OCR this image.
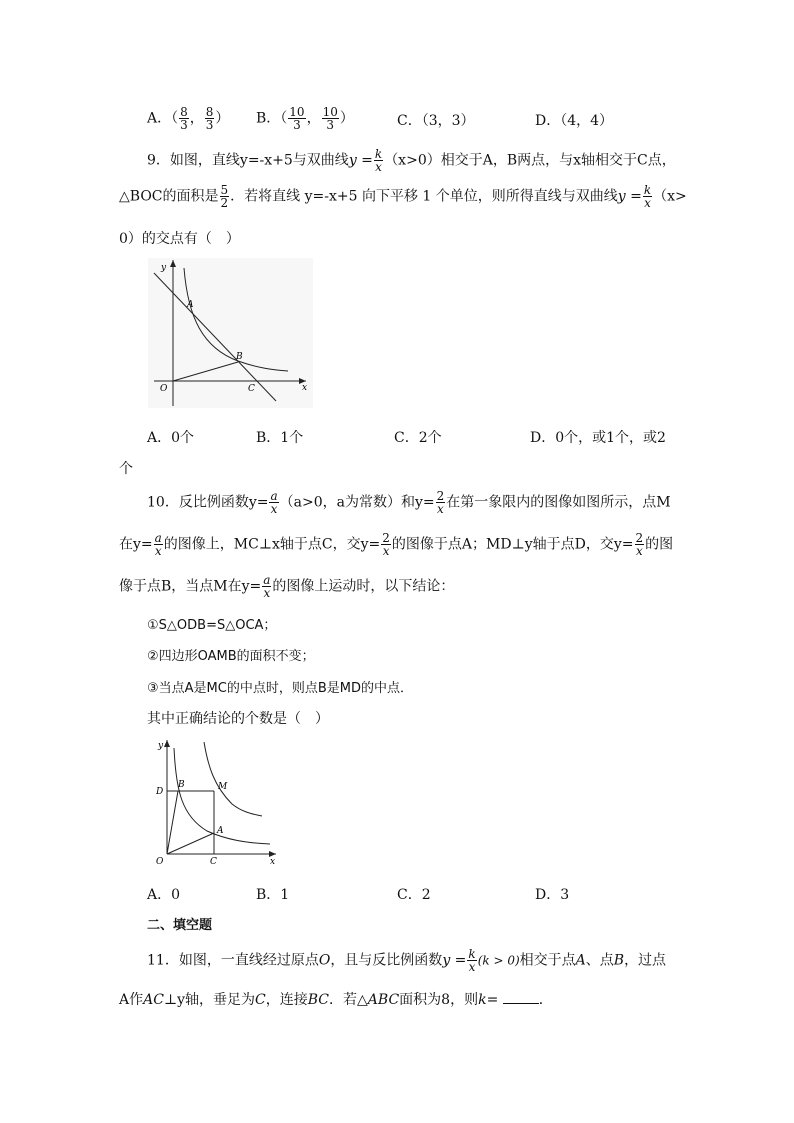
A．（ $\frac{8}{3}$ ， $\frac{8}{3}$ ） B．（ $\frac{10}{3}$ ， $\frac{10}{3}$ ）	C．（3，3）	D．（4，4）
9．如图，直线y=-x+5与双曲线$y = \frac{k}{x} (x>0)$相交于A，B两点，与x轴相交于C点，
△BOC的面积是 $\frac{5}{2}$ ．若将直线 y=-x+5 向下平移 1 个单位，则所得直线与双曲线$y = \frac{k}{x} (x>$
0）的交点有（　）
y
x
O
A
B
C
A．0个	B．1个	C．2个	D．0个，或1个，或2
个
10．反比例函数$y= \frac{a}{x} (a>0$，a为常数）和$y= \frac{2}{x}$ 在第一象限内的图像如图所示，点M
在$y= \frac{a}{x}$ 的图像上，MC⊥x轴于点C，交$y= \frac{2}{x}$ 的图像于点A；MD⊥y轴于点D，交$y= \frac{2}{x}$ 的图
像于点B，当点M在$y= \frac{a}{x}$ 的图像上运动时，以下结论：
①S△ODB=S△OCA；
②四边形OAMB的面积不变；
③当点A是MC的中点时，则点B是MD的中点．
其中正确结论的个数是（　）
y
x
O
D
B	M
A
C
A．0	B．1	C．2	D．3
二、填空题
11．如图，一直线经过原点O，且与反比例函数$y = \frac{k}{x} (k > 0)$相交于点A、点B，过点
A作AC⊥y轴，垂足为C，连接BC．若△ABC面积为8，则k=	．
